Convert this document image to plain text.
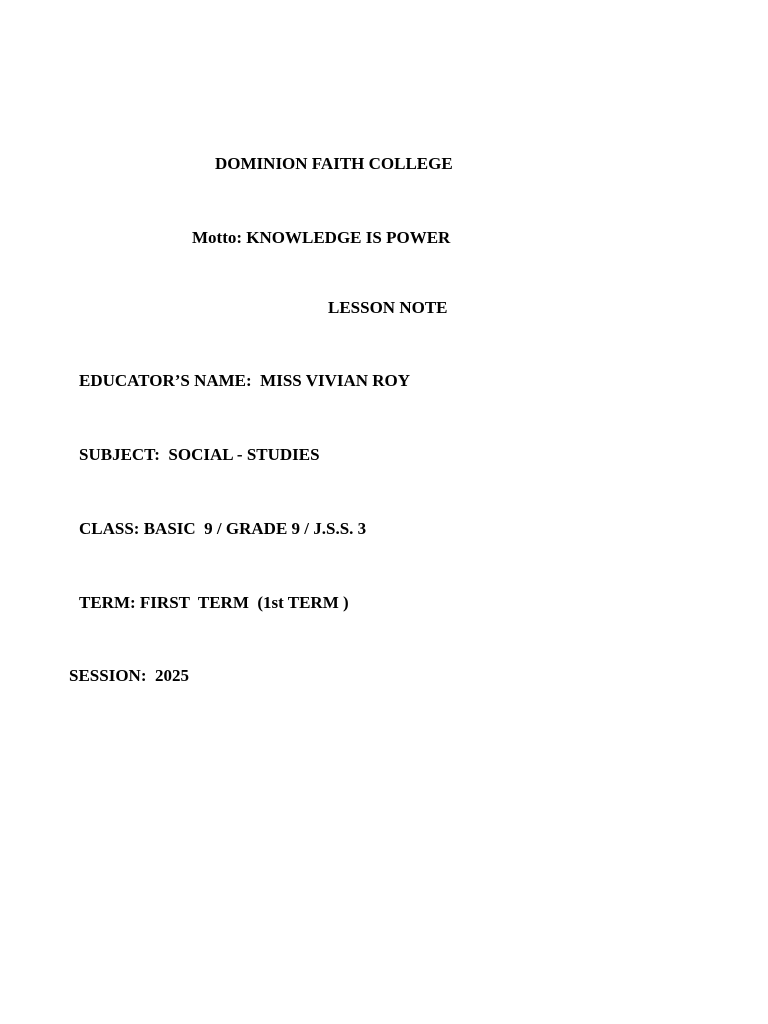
DOMINION FAITH COLLEGE
Motto: KNOWLEDGE IS POWER
LESSON NOTE
EDUCATOR’S NAME:  MISS VIVIAN ROY
SUBJECT:  SOCIAL - STUDIES
CLASS: BASIC  9 / GRADE 9 / J.S.S. 3
TERM: FIRST  TERM  (1st TERM )
SESSION:  2025
